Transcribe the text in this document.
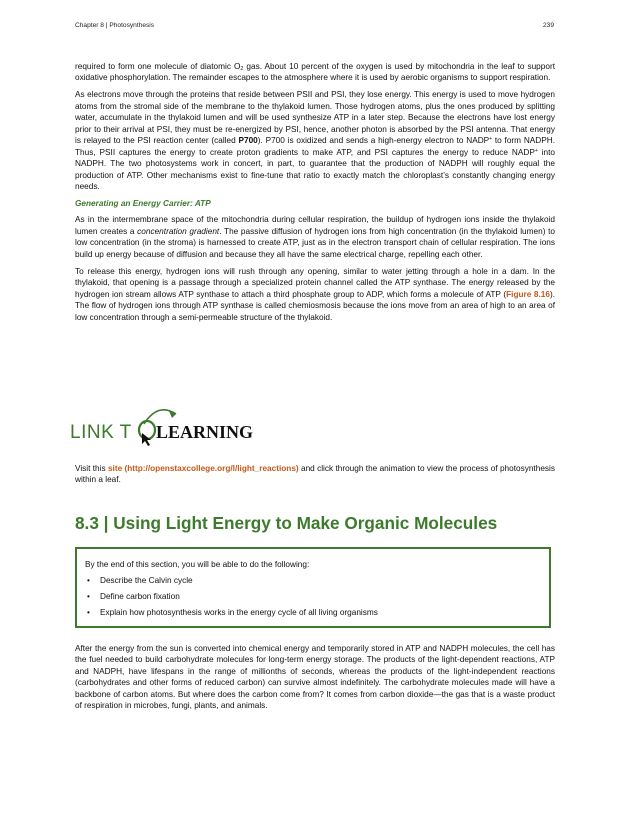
Chapter 8 | Photosynthesis	239

required to form one molecule of diatomic $O_2$ gas. About 10 percent of the oxygen is used by mitochondria in the leaf to support oxidative phosphorylation. The remainder escapes to the atmosphere where it is used by aerobic organisms to support respiration.

As electrons move through the proteins that reside between PSII and PSI, they lose energy. This energy is used to move hydrogen atoms from the stromal side of the membrane to the thylakoid lumen. Those hydrogen atoms, plus the ones produced by splitting water, accumulate in the thylakoid lumen and will be used synthesize ATP in a later step. Because the electrons have lost energy prior to their arrival at PSI, they must be re-energized by PSI, hence, another photon is absorbed by the PSI antenna. That energy is relayed to the PSI reaction center (called P700). P700 is oxidized and sends a high-energy electron to NADP+ to form NADPH. Thus, PSII captures the energy to create proton gradients to make ATP, and PSI captures the energy to reduce NADP+ into NADPH. The two photosystems work in concert, in part, to guarantee that the production of NADPH will roughly equal the production of ATP. Other mechanisms exist to fine-tune that ratio to exactly match the chloroplast’s constantly changing energy needs.

Generating an Energy Carrier: ATP

As in the intermembrane space of the mitochondria during cellular respiration, the buildup of hydrogen ions inside the thylakoid lumen creates a concentration gradient. The passive diffusion of hydrogen ions from high concentration (in the thylakoid lumen) to low concentration (in the stroma) is harnessed to create ATP, just as in the electron transport chain of cellular respiration. The ions build up energy because of diffusion and because they all have the same electrical charge, repelling each other.

To release this energy, hydrogen ions will rush through any opening, similar to water jetting through a hole in a dam. In the thylakoid, that opening is a passage through a specialized protein channel called the ATP synthase. The energy released by the hydrogen ion stream allows ATP synthase to attach a third phosphate group to ADP, which forms a molecule of ATP (Figure 8.16). The flow of hydrogen ions through ATP synthase is called chemiosmosis because the ions move from an area of high to an area of low concentration through a semi-permeable structure of the thylakoid.

LINK T LEARNING

Visit this site (http://openstaxcollege.org/l/light_reactions) and click through the animation to view the process of photosynthesis within a leaf.

8.3 | Using Light Energy to Make Organic Molecules

By the end of this section, you will be able to do the following:

• Describe the Calvin cycle
• Define carbon fixation
• Explain how photosynthesis works in the energy cycle of all living organisms

After the energy from the sun is converted into chemical energy and temporarily stored in ATP and NADPH molecules, the cell has the fuel needed to build carbohydrate molecules for long-term energy storage. The products of the light-dependent reactions, ATP and NADPH, have lifespans in the range of millionths of seconds, whereas the products of the light-independent reactions (carbohydrates and other forms of reduced carbon) can survive almost indefinitely. The carbohydrate molecules made will have a backbone of carbon atoms. But where does the carbon come from? It comes from carbon dioxide—the gas that is a waste product of respiration in microbes, fungi, plants, and animals.
